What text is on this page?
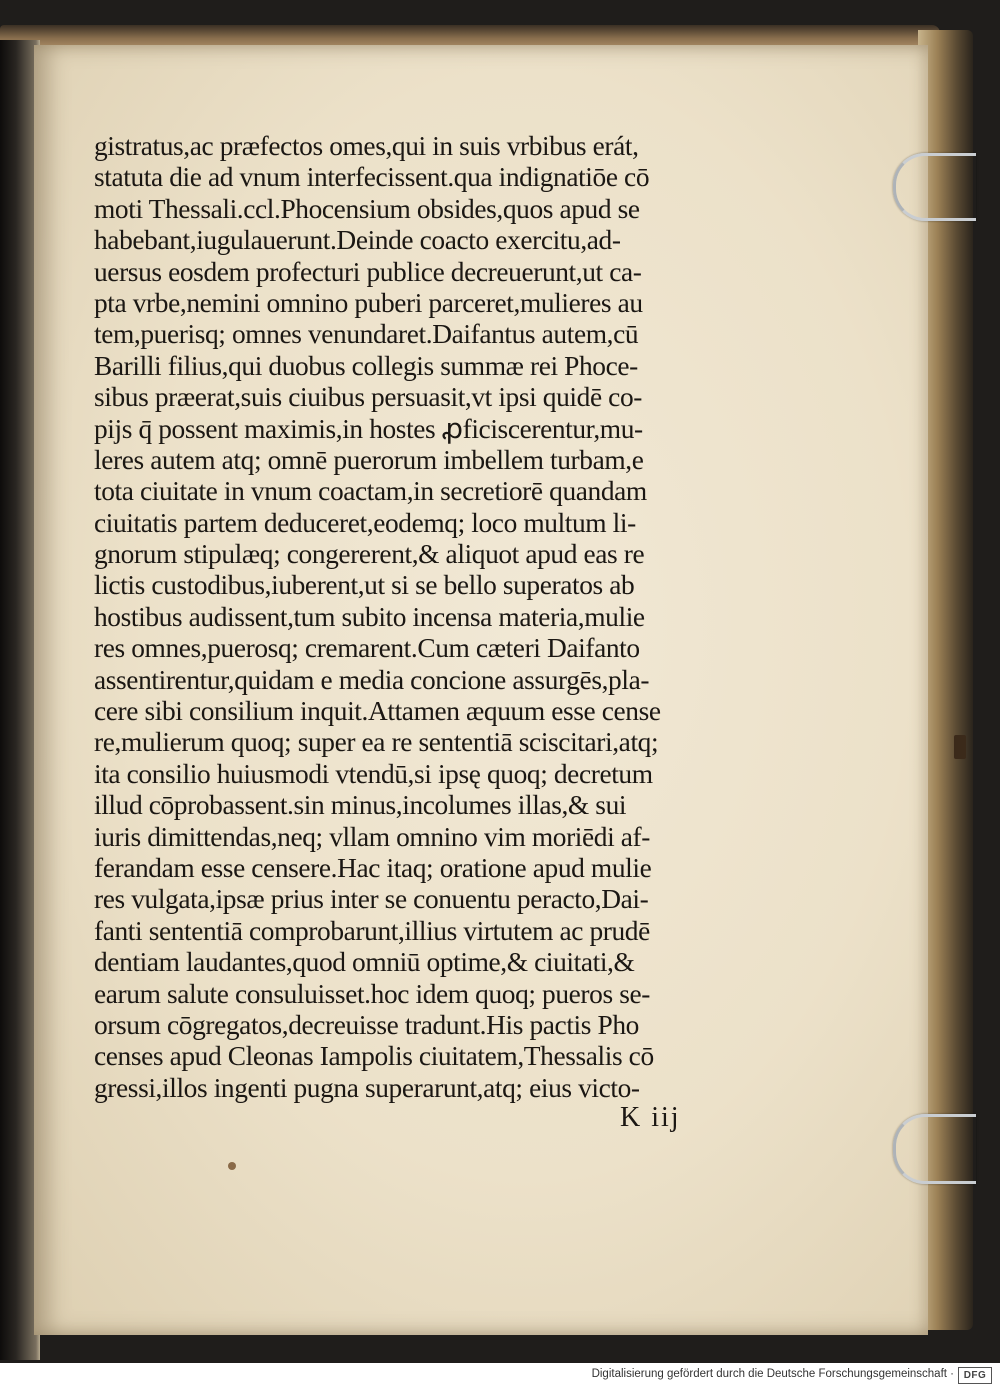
gistratus,ac præfectos omes,qui in suis vrbibus erát,
statuta die ad vnum interfecissent.qua indignatiōe cō
moti Thessali.ccl.Phocensium obsides,quos apud se
habebant,iugulauerunt.Deinde coacto exercitu,ad-
uersus eosdem profecturi publice decreuerunt,ut ca-
pta vrbe,nemini omnino puberi parceret,mulieres au
tem,puerisq; omnes venundaret.Daifantus autem,cū
Barilli filius,qui duobus collegis summæ rei Phoce-
sibus præerat,suis ciuibus persuasit,vt ipsi quidē co-
pijs q̄ possent maximis,in hostes ꝓficiscerentur,mu-
leres autem atq; omnē puerorum imbellem turbam,e
tota ciuitate in vnum coactam,in secretiorē quandam
ciuitatis partem deduceret,eodemq; loco multum li-
gnorum stipulæq; congererent,& aliquot apud eas re
lictis custodibus,iuberent,ut si se bello superatos ab
hostibus audissent,tum subito incensa materia,mulie
res omnes,puerosq; cremarent.Cum cæteri Daifanto
assentirentur,quidam e media concione assurgēs,pla-
cere sibi consilium inquit.Attamen æquum esse cense
re,mulierum quoq; super ea re sententiā sciscitari,atq;
ita consilio huiusmodi vtendū,si ipsę quoq; decretum
illud cōprobassent.sin minus,incolumes illas,& sui
iuris dimittendas,neq; vllam omnino vim moriēdi af-
ferandam esse censere.Hac itaq; oratione apud mulie
res vulgata,ipsæ prius inter se conuentu peracto,Dai-
fanti sententiā comprobarunt,illius virtutem ac prudē
dentiam laudantes,quod omniū optime,& ciuitati,&
earum salute consuluisset.hoc idem quoq; pueros se-
orsum cōgregatos,decreuisse tradunt.His pactis Pho
censes apud Cleonas Iampolis ciuitatem,Thessalis cō
gressi,illos ingenti pugna superarunt,atq; eius victo-
K iij
Digitalisierung gefördert durch die Deutsche Forschungsgemeinschaft · DFG
